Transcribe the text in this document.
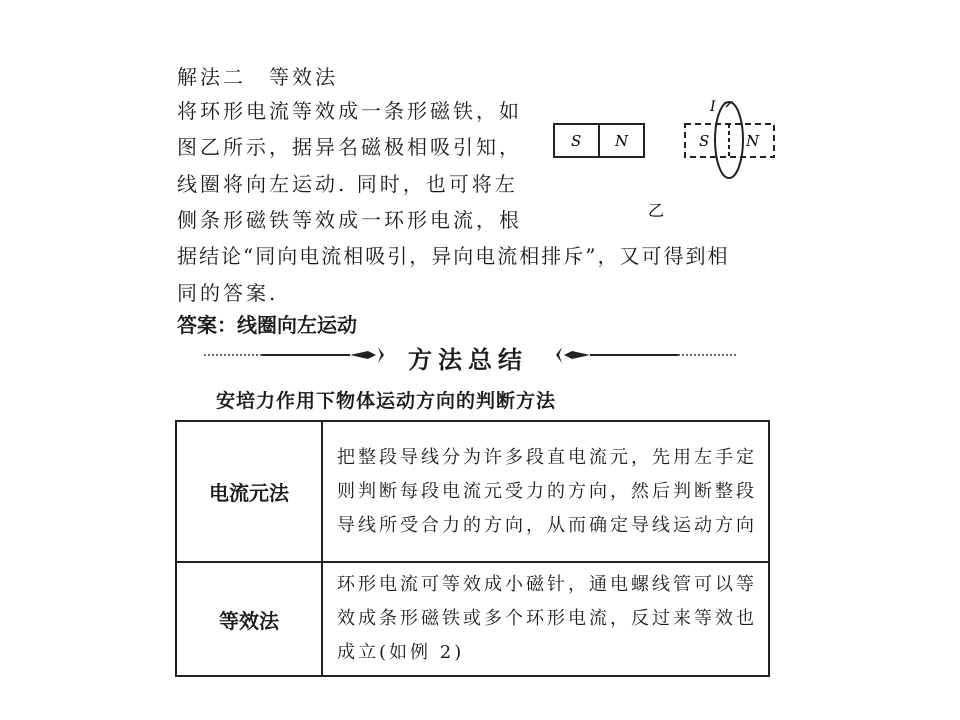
解法二　等效法
将环形电流等效成一条形磁铁，如
图乙所示，据异名磁极相吸引知，
线圈将向左运动. 同时，也可将左
侧条形磁铁等效成一环形电流，根
据结论“同向电流相吸引，异向电流相排斥”，又可得到相
同的答案.
答案：线圈向左运动
S N	S N
I
乙
方法总结
安培力作用下物体运动方向的判断方法
电流元法	把整段导线分为许多段直电流元，先用左手定则判断每段电流元受力的方向，然后判断整段导线所受合力的方向，从而确定导线运动方向
等效法	环形电流可等效成小磁针，通电螺线管可以等效成条形磁铁或多个环形电流，反过来等效也成立(如例 2)
